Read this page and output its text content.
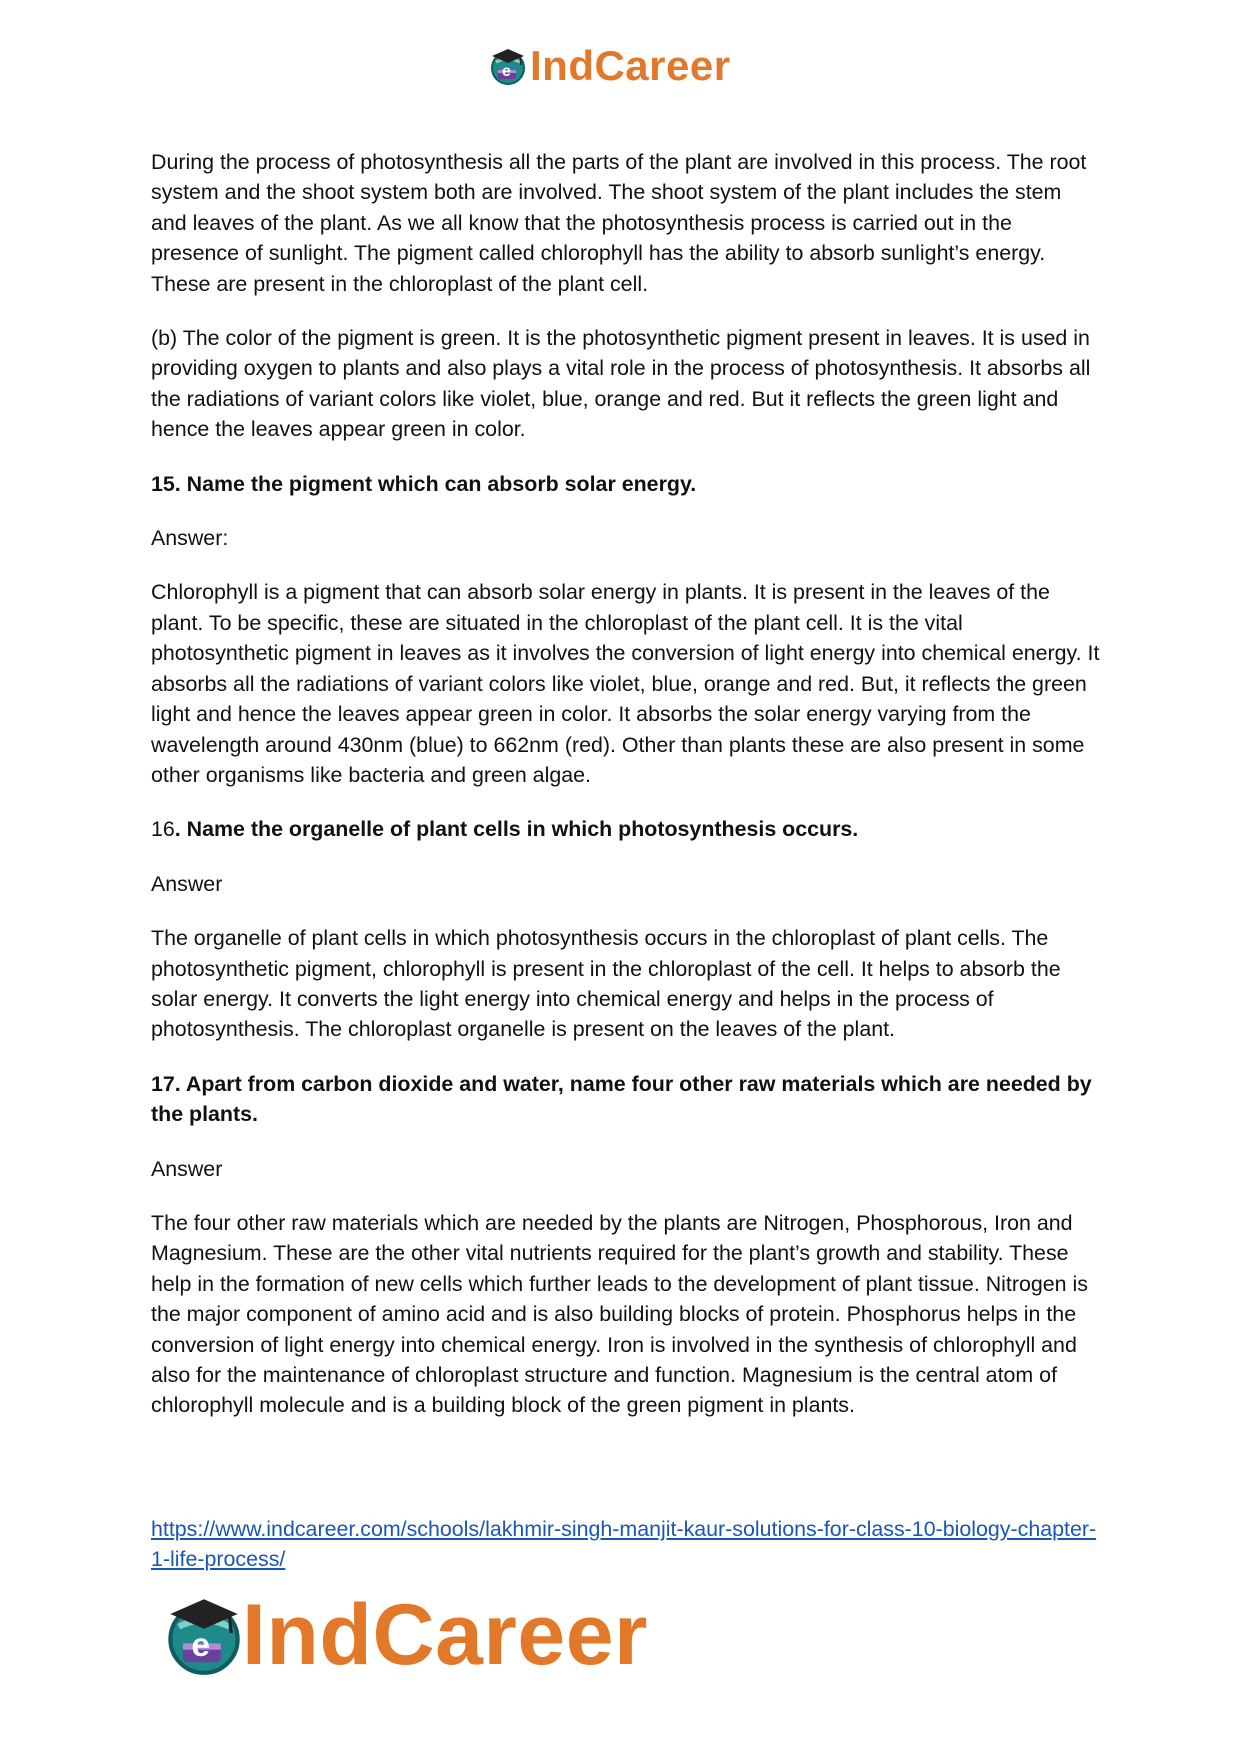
e IndCareer

During the process of photosynthesis all the parts of the plant are involved in this process. The root system and the shoot system both are involved. The shoot system of the plant includes the stem and leaves of the plant. As we all know that the photosynthesis process is carried out in the presence of sunlight. The pigment called chlorophyll has the ability to absorb sunlight’s energy. These are present in the chloroplast of the plant cell.

(b) The color of the pigment is green. It is the photosynthetic pigment present in leaves. It is used in providing oxygen to plants and also plays a vital role in the process of photosynthesis. It absorbs all the radiations of variant colors like violet, blue, orange and red. But it reflects the green light and hence the leaves appear green in color.

15. Name the pigment which can absorb solar energy.

Answer:

Chlorophyll is a pigment that can absorb solar energy in plants. It is present in the leaves of the plant. To be specific, these are situated in the chloroplast of the plant cell. It is the vital photosynthetic pigment in leaves as it involves the conversion of light energy into chemical energy. It absorbs all the radiations of variant colors like violet, blue, orange and red. But, it reflects the green light and hence the leaves appear green in color. It absorbs the solar energy varying from the wavelength around 430nm (blue) to 662nm (red). Other than plants these are also present in some other organisms like bacteria and green algae.

16. Name the organelle of plant cells in which photosynthesis occurs.

Answer

The organelle of plant cells in which photosynthesis occurs in the chloroplast of plant cells. The photosynthetic pigment, chlorophyll is present in the chloroplast of the cell. It helps to absorb the solar energy. It converts the light energy into chemical energy and helps in the process of photosynthesis. The chloroplast organelle is present on the leaves of the plant.

17. Apart from carbon dioxide and water, name four other raw materials which are needed by the plants.

Answer

The four other raw materials which are needed by the plants are Nitrogen, Phosphorous, Iron and Magnesium. These are the other vital nutrients required for the plant’s growth and stability. These help in the formation of new cells which further leads to the development of plant tissue. Nitrogen is the major component of amino acid and is also building blocks of protein. Phosphorus helps in the conversion of light energy into chemical energy. Iron is involved in the synthesis of chlorophyll and also for the maintenance of chloroplast structure and function. Magnesium is the central atom of chlorophyll molecule and is a building block of the green pigment in plants.

https://www.indcareer.com/schools/lakhmir-singh-manjit-kaur-solutions-for-class-10-biology-chapter-1-life-process/
e IndCareer
